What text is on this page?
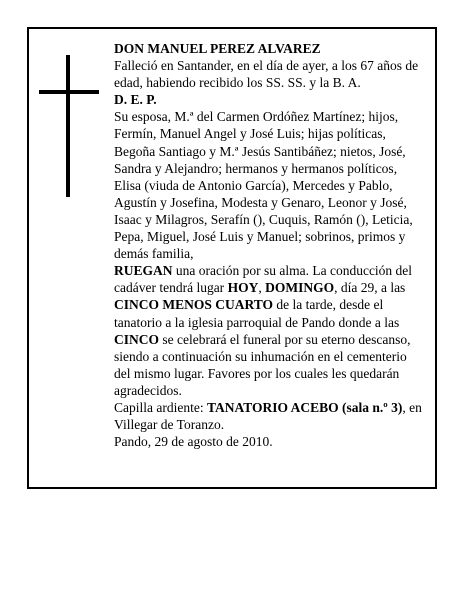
DON MANUEL PEREZ ALVAREZ

Falleció en Santander, en el día de ayer, a los 67 años de edad, habiendo recibido los SS. SS. y la B. A.

D. E. P.

Su esposa, M.ª del Carmen Ordóñez Martínez; hijos, Fermín, Manuel Angel y José Luis; hijas políticas, Begoña Santiago y M.ª Jesús Santibáñez; nietos, José, Sandra y Alejandro; hermanos y hermanos políticos, Elisa (viuda de Antonio García), Mercedes y Pablo, Agustín y Josefina, Modesta y Genaro, Leonor y José, Isaac y Milagros, Serafín (), Cuquis, Ramón (), Leticia, Pepa, Miguel, José Luis y Manuel; sobrinos, primos y demás familia,

RUEGAN una oración por su alma. La conducción del cadáver tendrá lugar HOY, DOMINGO, día 29, a las CINCO MENOS CUARTO de la tarde, desde el tanatorio a la iglesia parroquial de Pando donde a las CINCO se celebrará el funeral por su eterno descanso, siendo a continuación su inhumación en el cementerio del mismo lugar. Favores por los cuales les quedarán agradecidos.

Capilla ardiente: TANATORIO ACEBO (sala n.º 3), en Villegar de Toranzo.

Pando, 29 de agosto de 2010.
